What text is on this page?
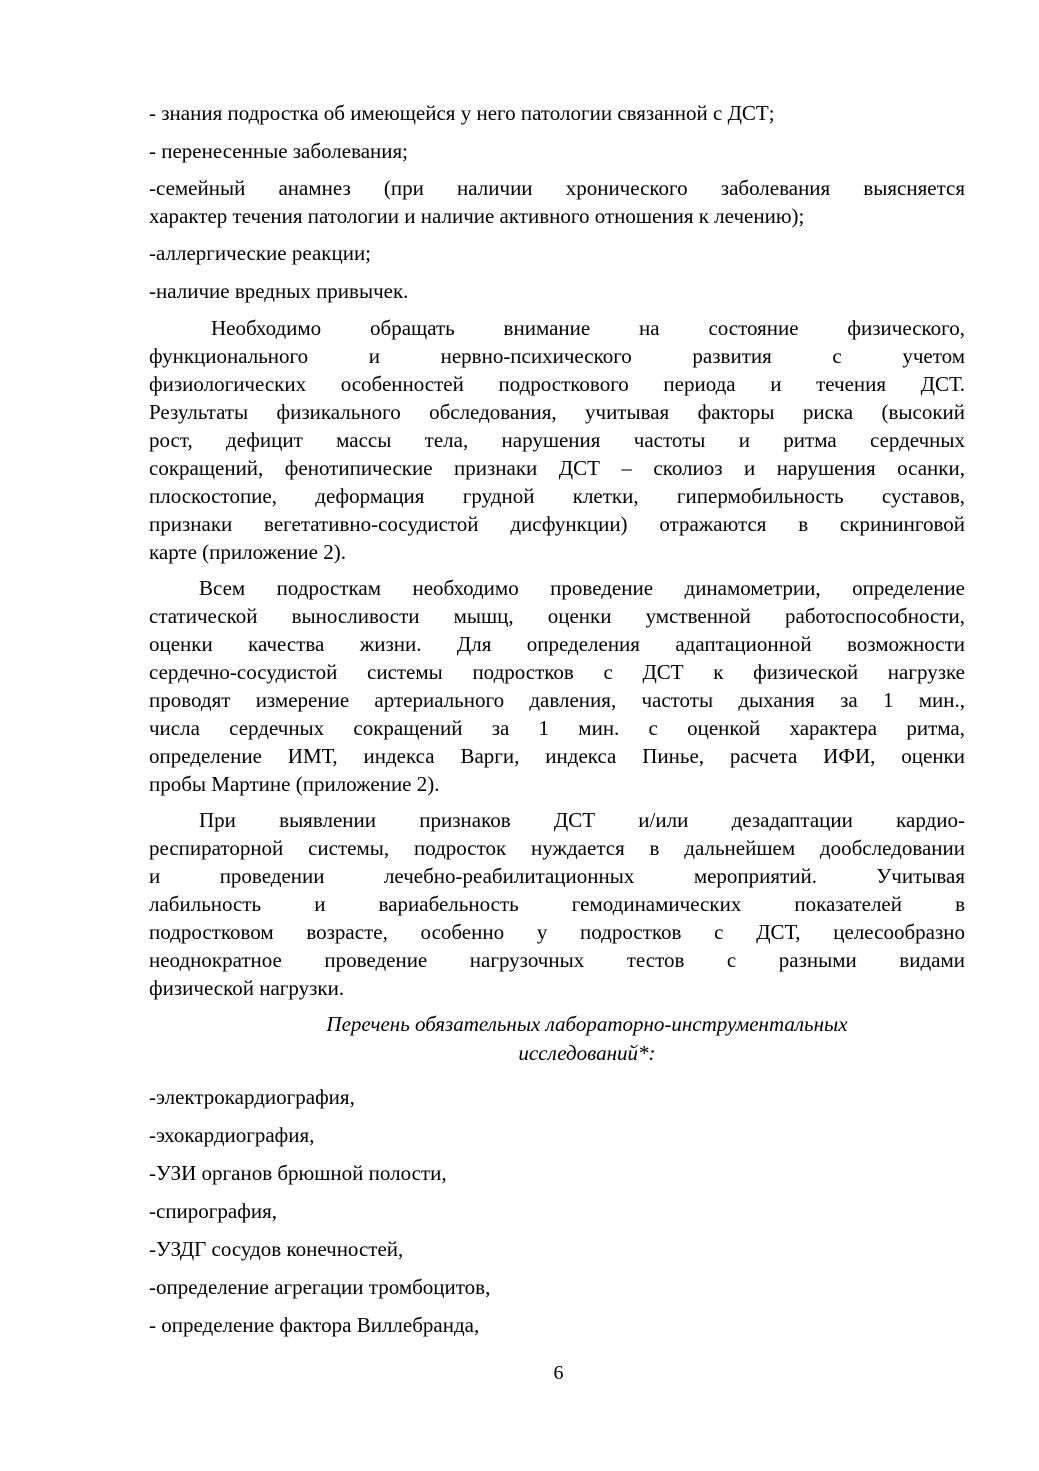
- знания подростка об имеющейся у него патологии связанной с ДСТ;
- перенесенные заболевания;
-семейный анамнез (при наличии хронического заболевания выясняется
характер течения патологии и наличие активного отношения к лечению);
-аллергические реакции;
-наличие вредных привычек.
Необходимо обращать внимание на состояние физического,
функционального и нервно-психического развития с учетом
физиологических особенностей подросткового периода и течения ДСТ.
Результаты физикального обследования, учитывая факторы риска (высокий
рост, дефицит массы тела, нарушения частоты и ритма сердечных
сокращений, фенотипические признаки ДСТ – сколиоз и нарушения осанки,
плоскостопие, деформация грудной клетки, гипермобильность суставов,
признаки вегетативно-сосудистой дисфункции) отражаются в скрининговой
карте (приложение 2).
Всем подросткам необходимо проведение динамометрии, определение
статической выносливости мышц, оценки умственной работоспособности,
оценки качества жизни. Для определения адаптационной возможности
сердечно-сосудистой системы подростков с ДСТ к физической нагрузке
проводят измерение артериального давления, частоты дыхания за 1 мин.,
числа сердечных сокращений за 1 мин. с оценкой характера ритма,
определение ИМТ, индекса Варги, индекса Пинье, расчета ИФИ, оценки
пробы Мартине (приложение 2).
При выявлении признаков ДСТ и/или дезадаптации кардио-
респираторной системы, подросток нуждается в дальнейшем дообследовании
и проведении лечебно-реабилитационных мероприятий. Учитывая
лабильность и вариабельность гемодинамических показателей в
подростковом возрасте, особенно у подростков с ДСТ, целесообразно
неоднократное проведение нагрузочных тестов с разными видами
физической нагрузки.
Перечень обязательных лабораторно-инструментальных
исследований*:
-электрокардиография,
-эхокардиография,
-УЗИ органов брюшной полости,
-спирография,
-УЗДГ сосудов конечностей,
-определение агрегации тромбоцитов,
- определение фактора Виллебранда,
6
